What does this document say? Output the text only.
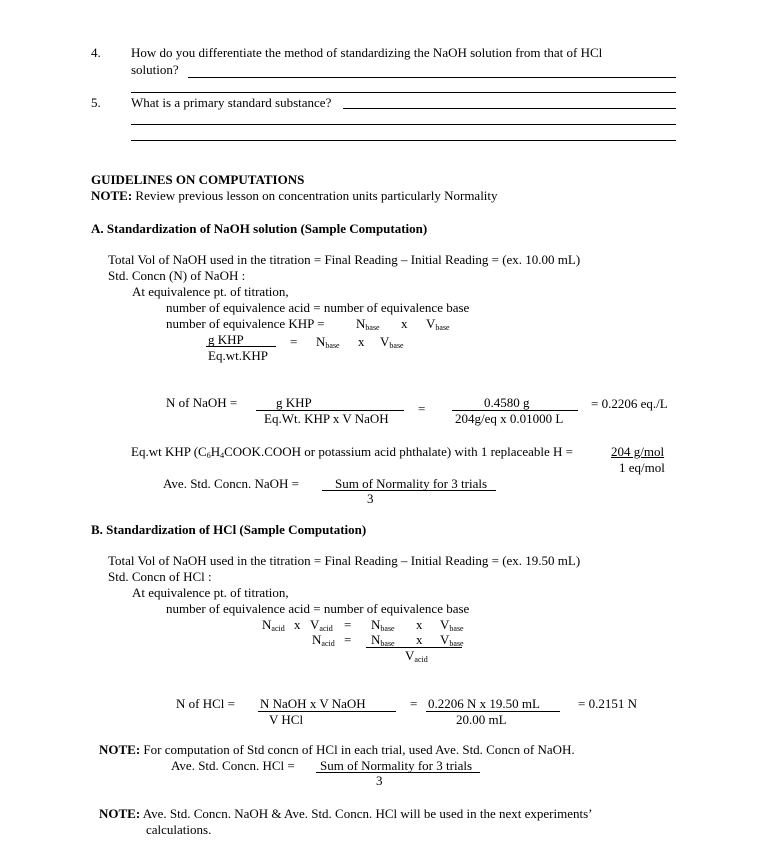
4. How do you differentiate the method of standardizing the NaOH solution from that of HCl
solution?
5. What is a primary standard substance?
GUIDELINES ON COMPUTATIONS
NOTE: Review previous lesson on concentration units particularly Normality
A. Standardization of NaOH solution (Sample Computation)
Total Vol of NaOH used in the titration = Final Reading – Initial Reading = (ex. 10.00 mL)
Std. Concn (N) of NaOH :
At equivalence pt. of titration,
number of equivalence acid = number of equivalence base
number of equivalence KHP = $N_{base}$ x $V_{base}$
g KHP
Eq.wt.KHP
= $N_{base}$ x $V_{base}$
N of NaOH =	g KHP
Eq.Wt. KHP x V NaOH
=	0.4580 g
204g/eq x 0.01000 L
= 0.2206 eq./L
Eq.wt KHP ($C_6H_4COOK.COOH$ or potassium acid phthalate) with 1 replaceable H =	204 g/mol
1 eq/mol
Ave. Std. Concn. NaOH =	Sum of Normality for 3 trials
3
B. Standardization of HCl (Sample Computation)
Total Vol of NaOH used in the titration = Final Reading – Initial Reading = (ex. 19.50 mL)
Std. Concn of HCl :
At equivalence pt. of titration,
number of equivalence acid = number of equivalence base
$N_{acid}$ x $V_{acid} = N_{base}$ x $V_{base}$
$N_{acid} = N_{base}$ x $V_{base}$
$V_{acid}$
N of HCl = N NaOH x V NaOH
V HCl
= 0.2206 N x 19.50 mL
20.00 mL
= 0.2151 N
NOTE: For computation of Std concn of HCl in each trial, used Ave. Std. Concn of NaOH.
Ave. Std. Concn. HCl = Sum of Normality for 3 trials
3
NOTE: Ave. Std. Concn. NaOH & Ave. Std. Concn. HCl will be used in the next experiments’
calculations.
